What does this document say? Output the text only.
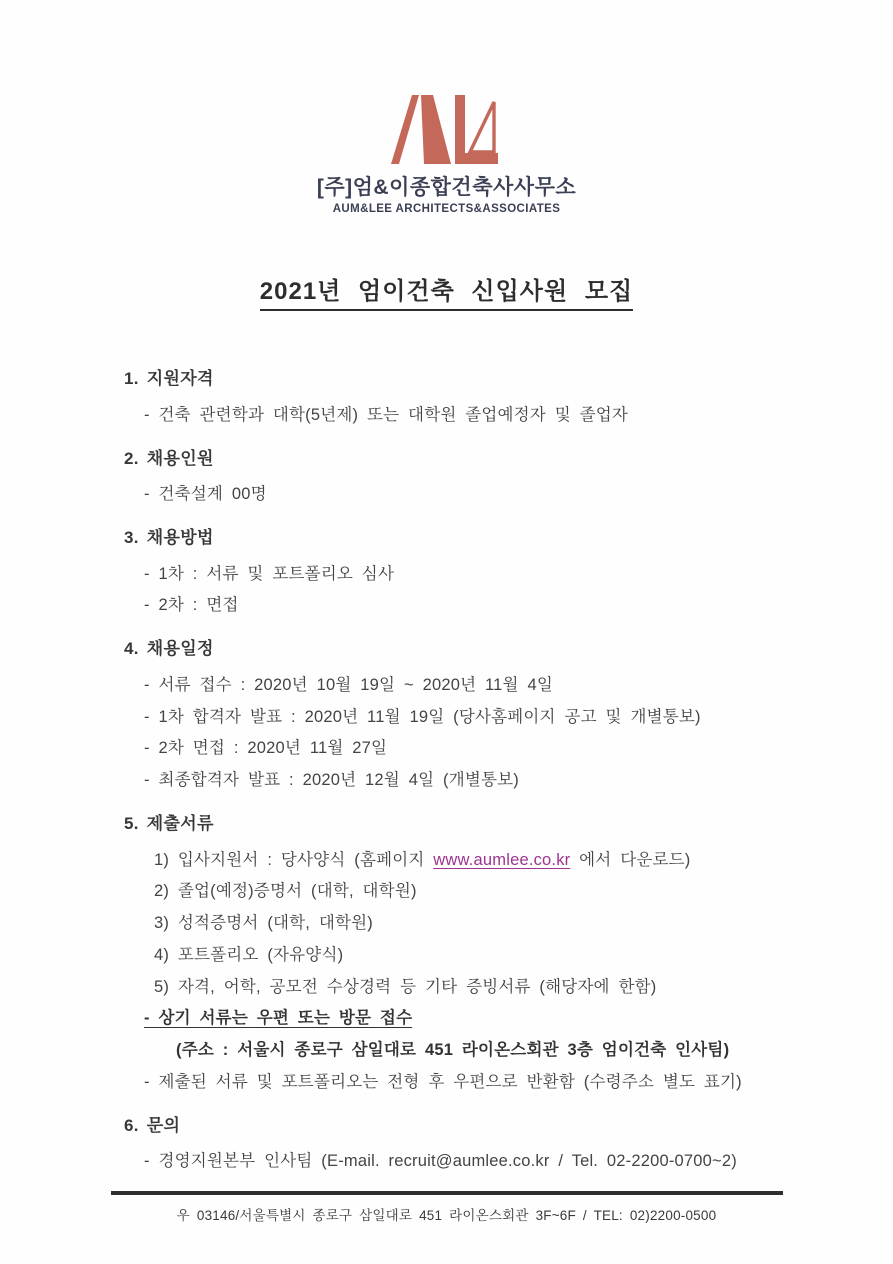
[주]엄&이종합건축사사무소
AUM&LEE ARCHITECTS&ASSOCIATES
2021년 엄이건축 신입사원 모집
1. 지원자격
- 건축 관련학과 대학(5년제) 또는 대학원 졸업예정자 및 졸업자
2. 채용인원
- 건축설계 00명
3. 채용방법
- 1차 : 서류 및 포트폴리오 심사
- 2차 : 면접
4. 채용일정
- 서류 접수 : 2020년 10월 19일 ~ 2020년 11월 4일
- 1차 합격자 발표 : 2020년 11월 19일 (당사홈페이지 공고 및 개별통보)
- 2차 면접 : 2020년 11월 27일
- 최종합격자 발표 : 2020년 12월 4일 (개별통보)
5. 제출서류
1) 입사지원서 : 당사양식 (홈페이지 www.aumlee.co.kr 에서 다운로드)
2) 졸업(예정)증명서 (대학, 대학원)
3) 성적증명서 (대학, 대학원)
4) 포트폴리오 (자유양식)
5) 자격, 어학, 공모전 수상경력 등 기타 증빙서류 (해당자에 한함)
- 상기 서류는 우편 또는 방문 접수
(주소 : 서울시 종로구 삼일대로 451 라이온스회관 3층 엄이건축 인사팀)
- 제출된 서류 및 포트폴리오는 전형 후 우편으로 반환함 (수령주소 별도 표기)
6. 문의
- 경영지원본부 인사팀 (E-mail. recruit@aumlee.co.kr / Tel. 02-2200-0700~2)
우 03146/서울특별시 종로구 삼일대로 451 라이온스회관 3F~6F / TEL: 02)2200-0500
